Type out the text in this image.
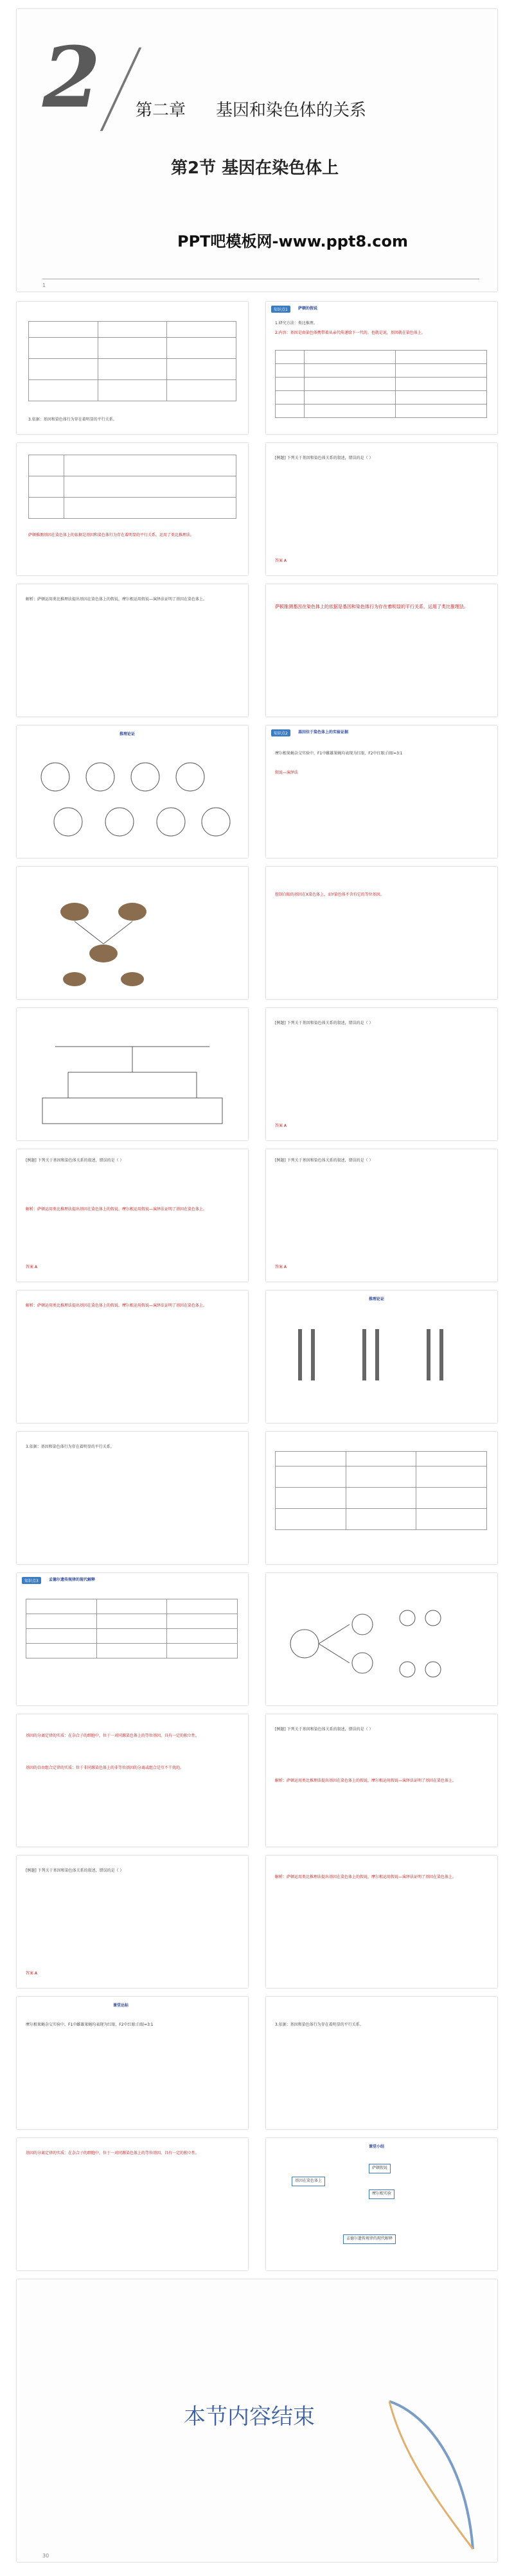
2 第二章 基因和染色体的关系
第2节 基因在染色体上
PPT吧模板网-www.ppt8.com
1

3.依据：基因和染色体行为存在着明显的平行关系。
知识点1	萨顿的假说
1.研究方法：类比推理。
2.内容：基因是由染色体携带着从亲代传递给下一代的。也就是说，基因就在染色体上。

萨顿推测基因在染色体上的依据是基因和染色体行为存在着明显的平行关系，运用了类比推理法。
[例题] 下列关于基因和染色体关系的叙述，错误的是（ ）
答案 A
解析：萨顿运用类比推理法提出基因在染色体上的假说，摩尔根运用假说—演绎法证明了基因在染色体上。
萨顿推测基因在染色体上的依据是基因和染色体行为存在着明显的平行关系，运用了类比推理法。
推理论证	知识点2	基因位于染色体上的实验证据
摩尔根果蝇杂交实验中，F1中雌雄果蝇均表现为红眼，F2中红眼∶白眼=3∶1
假说—演绎法
控制白眼的基因在X染色体上，而Y染色体不含有它的等位基因。
[例题] 下列关于基因和染色体关系的叙述，错误的是（ ）
答案 A
[例题] 下列关于基因和染色体关系的叙述，错误的是（ ）
解析：萨顿运用类比推理法提出基因在染色体上的假说，摩尔根运用假说—演绎法证明了基因在染色体上。
答案 A
[例题] 下列关于基因和染色体关系的叙述，错误的是（ ）
答案 A
解析：萨顿运用类比推理法提出基因在染色体上的假说，摩尔根运用假说—演绎法证明了基因在染色体上。
推理论证
3.依据：基因和染色体行为存在着明显的平行关系。

知识点3	孟德尔遗传规律的现代解释

基因的分离定律的实质：在杂合子的细胞中，位于一对同源染色体上的等位基因，具有一定的独立性。
基因的自由组合定律的实质：位于非同源染色体上的非等位基因的分离或组合是互不干扰的。
[例题] 下列关于基因和染色体关系的叙述，错误的是（ ）
解析：萨顿运用类比推理法提出基因在染色体上的假说，摩尔根运用假说—演绎法证明了基因在染色体上。
[例题] 下列关于基因和染色体关系的叙述，错误的是（ ）
答案 A
解析：萨顿运用类比推理法提出基因在染色体上的假说，摩尔根运用假说—演绎法证明了基因在染色体上。
课堂达标
摩尔根果蝇杂交实验中，F1中雌雄果蝇均表现为红眼，F2中红眼∶白眼=3∶1	3.依据：基因和染色体行为存在着明显的平行关系。
基因的分离定律的实质：在杂合子的细胞中，位于一对同源染色体上的等位基因，具有一定的独立性。
课堂小结
基因在染色体上
萨顿假说
摩尔根实验
孟德尔遗传规律的现代解释
本节内容结束
30
